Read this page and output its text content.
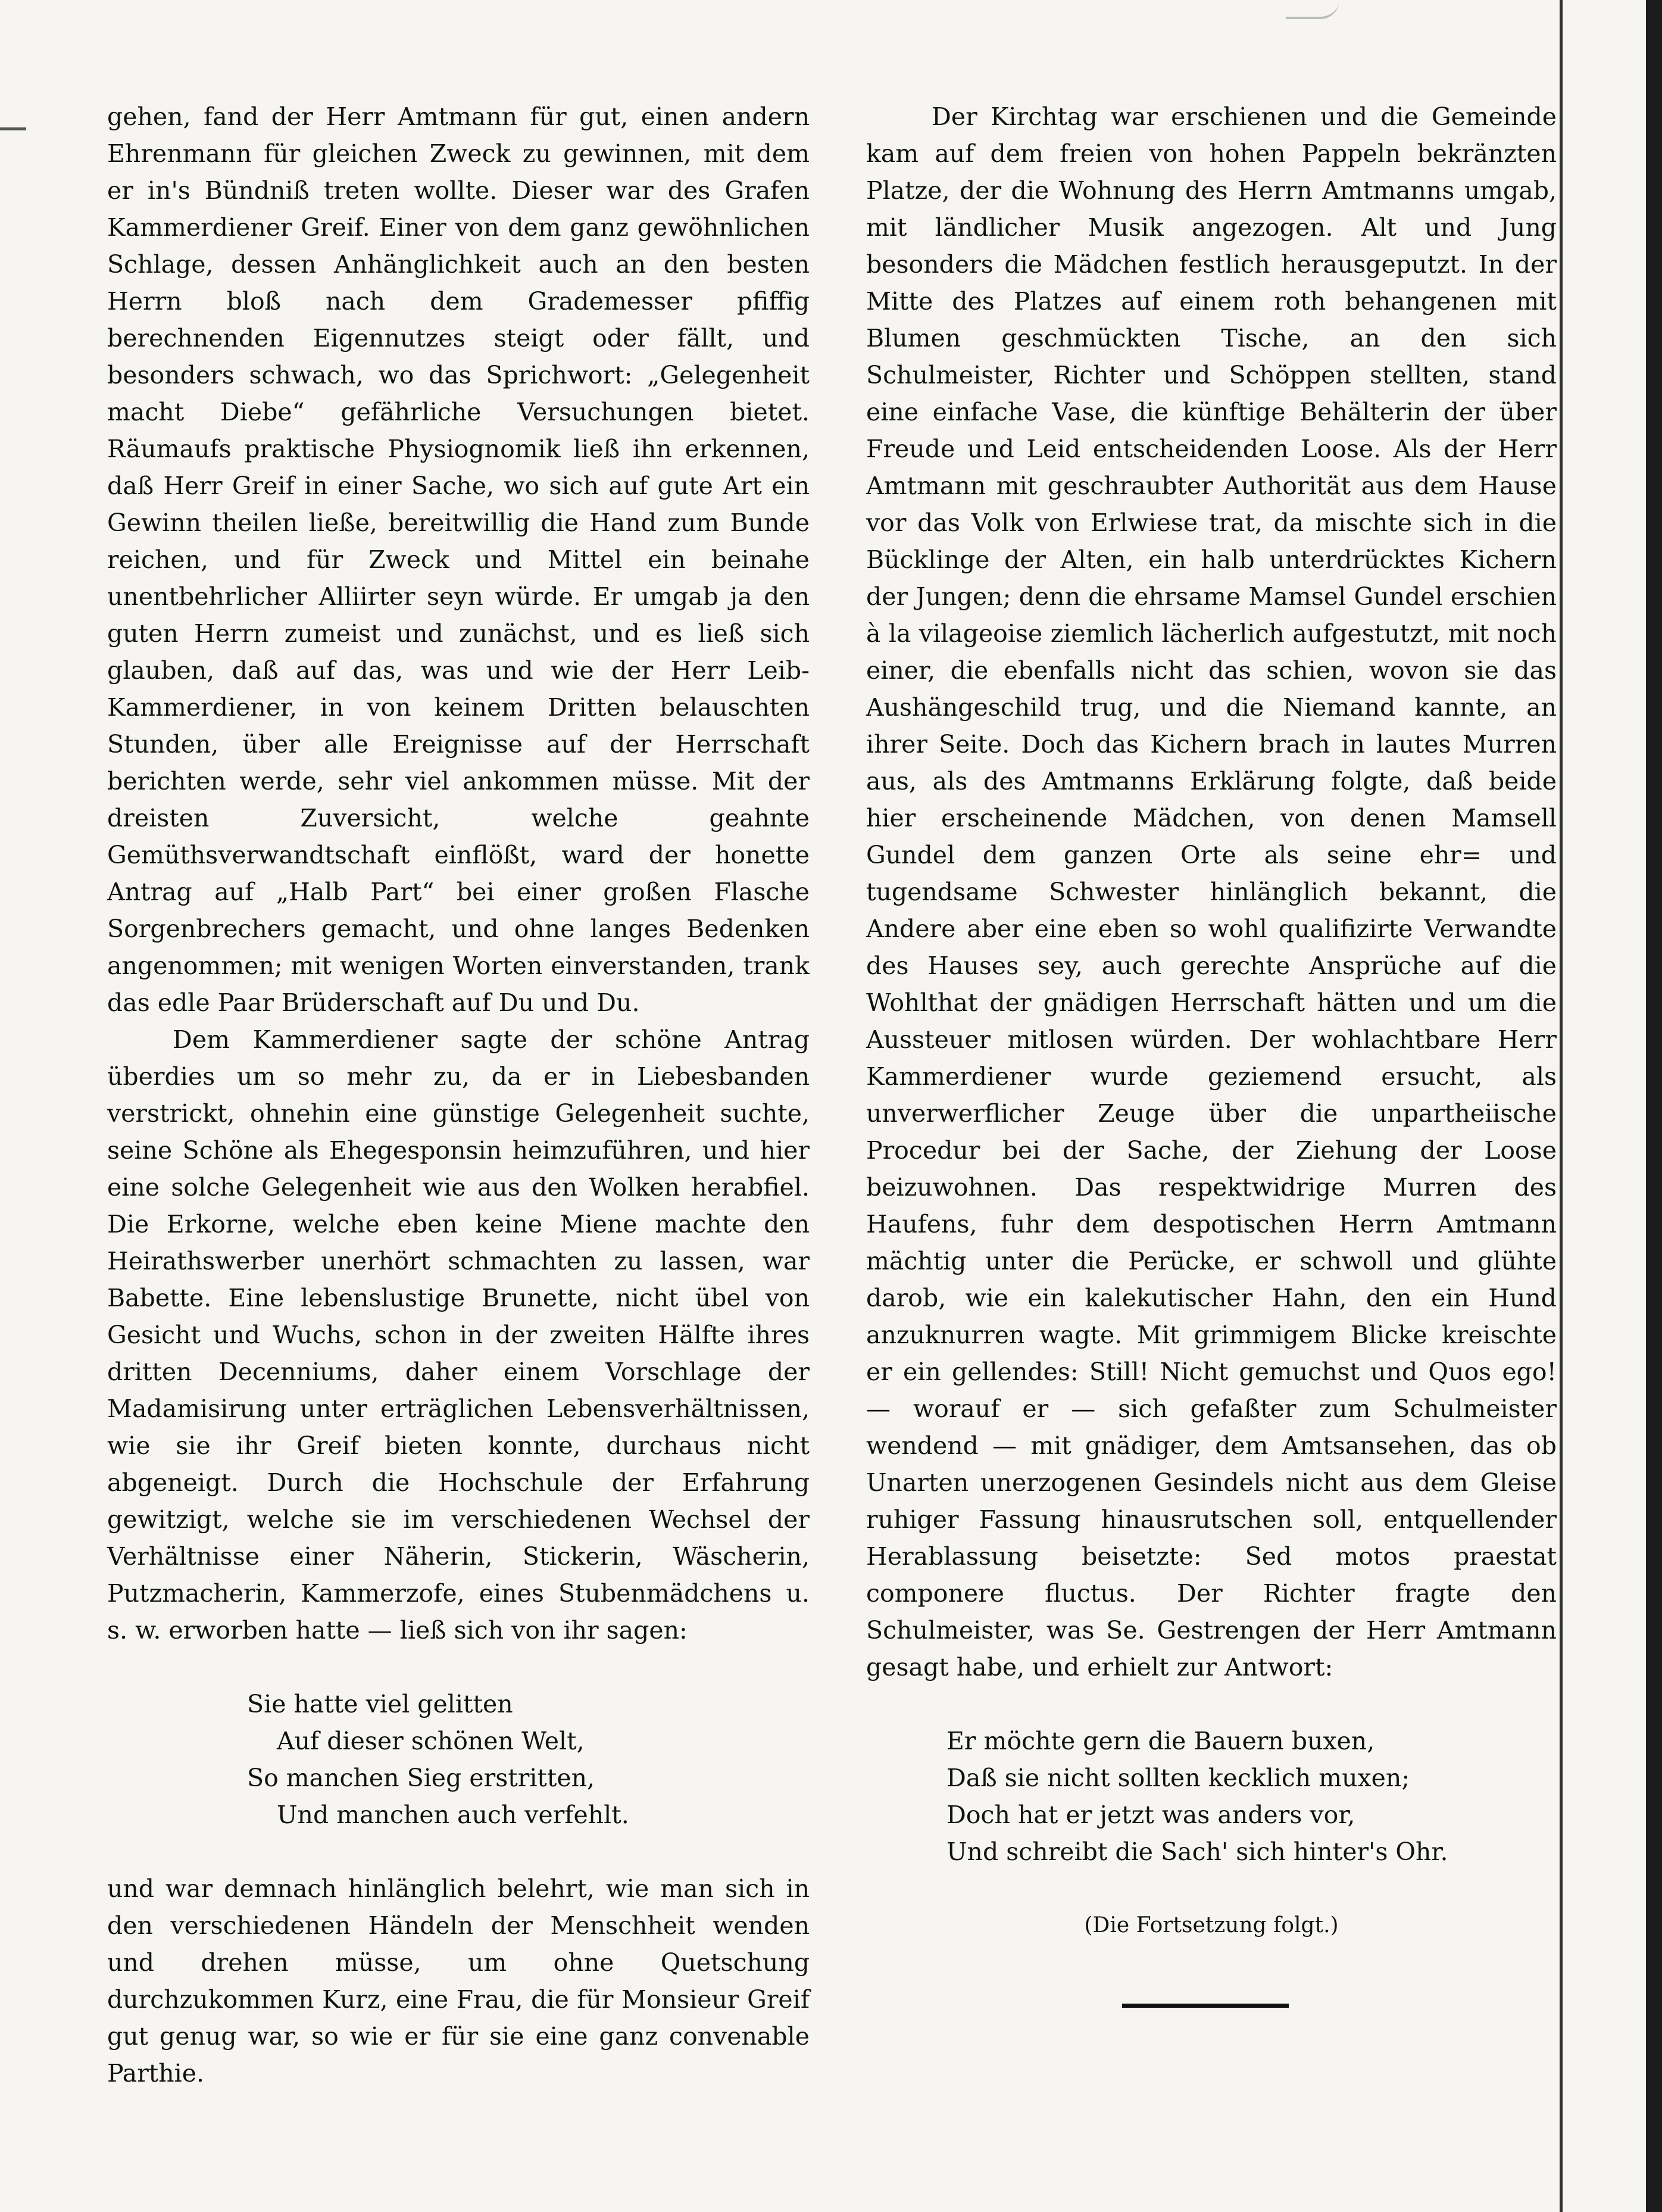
gehen, fand der Herr Amtmann für gut, einen andern Ehrenmann für gleichen Zweck zu gewinnen, mit dem er in's Bündniß treten wollte. Dieser war des Grafen Kammerdiener Greif. Einer von dem ganz gewöhnlichen Schlage, dessen Anhänglichkeit auch an den besten Herrn bloß nach dem Grademesser pfiffig berechnenden Eigennutzes steigt oder fällt, und besonders schwach, wo das Sprichwort: „Gelegenheit macht Diebe“ gefährliche Versuchungen bietet. Räumaufs praktische Physiognomik ließ ihn erkennen, daß Herr Greif in einer Sache, wo sich auf gute Art ein Gewinn theilen ließe, bereitwillig die Hand zum Bunde reichen, und für Zweck und Mittel ein beinahe unentbehrlicher Alliirter seyn würde. Er umgab ja den guten Herrn zumeist und zunächst, und es ließ sich glauben, daß auf das, was und wie der Herr Leib-Kammerdiener, in von keinem Dritten belauschten Stunden, über alle Ereignisse auf der Herrschaft berichten werde, sehr viel ankommen müsse. Mit der dreisten Zuversicht, welche geahnte Gemüthsverwandtschaft einflößt, ward der honette Antrag auf „Halb Part“ bei einer großen Flasche Sorgenbrechers gemacht, und ohne langes Bedenken angenommen; mit wenigen Worten einverstanden, trank das edle Paar Brüderschaft auf Du und Du.

Dem Kammerdiener sagte der schöne Antrag überdies um so mehr zu, da er in Liebesbanden verstrickt, ohnehin eine günstige Gelegenheit suchte, seine Schöne als Ehegesponsin heimzuführen, und hier eine solche Gelegenheit wie aus den Wolken herabfiel. Die Erkorne, welche eben keine Miene machte den Heirathswerber unerhört schmachten zu lassen, war Babette. Eine lebenslustige Brunette, nicht übel von Gesicht und Wuchs, schon in der zweiten Hälfte ihres dritten Decenniums, daher einem Vorschlage der Madamisirung unter erträglichen Lebensverhältnissen, wie sie ihr Greif bieten konnte, durchaus nicht abgeneigt. Durch die Hochschule der Erfahrung gewitzigt, welche sie im verschiedenen Wechsel der Verhältnisse einer Näherin, Stickerin, Wäscherin, Putzmacherin, Kammerzofe, eines Stubenmädchens u. s. w. erworben hatte — ließ sich von ihr sagen:

Sie hatte viel gelitten
Auf dieser schönen Welt,
So manchen Sieg erstritten,
Und manchen auch verfehlt.

und war demnach hinlänglich belehrt, wie man sich in den verschiedenen Händeln der Menschheit wenden und drehen müsse, um ohne Quetschung durchzukommen Kurz, eine Frau, die für Monsieur Greif gut genug war, so wie er für sie eine ganz convenable Parthie.

Der Kirchtag war erschienen und die Gemeinde kam auf dem freien von hohen Pappeln bekränzten Platze, der die Wohnung des Herrn Amtmanns umgab, mit ländlicher Musik angezogen. Alt und Jung besonders die Mädchen festlich herausgeputzt. In der Mitte des Platzes auf einem roth behangenen mit Blumen geschmückten Tische, an den sich Schulmeister, Richter und Schöppen stellten, stand eine einfache Vase, die künftige Behälterin der über Freude und Leid entscheidenden Loose. Als der Herr Amtmann mit geschraubter Authorität aus dem Hause vor das Volk von Erlwiese trat, da mischte sich in die Bücklinge der Alten, ein halb unterdrücktes Kichern der Jungen; denn die ehrsame Mamsel Gundel erschien à la vilageoise ziemlich lächerlich aufgestutzt, mit noch einer, die ebenfalls nicht das schien, wovon sie das Aushängeschild trug, und die Niemand kannte, an ihrer Seite. Doch das Kichern brach in lautes Murren aus, als des Amtmanns Erklärung folgte, daß beide hier erscheinende Mädchen, von denen Mamsell Gundel dem ganzen Orte als seine ehr= und tugendsame Schwester hinlänglich bekannt, die Andere aber eine eben so wohl qualifizirte Verwandte des Hauses sey, auch gerechte Ansprüche auf die Wohlthat der gnädigen Herrschaft hätten und um die Aussteuer mitlosen würden. Der wohlachtbare Herr Kammerdiener wurde geziemend ersucht, als unverwerflicher Zeuge über die unpartheiische Procedur bei der Sache, der Ziehung der Loose beizuwohnen. Das respektwidrige Murren des Haufens, fuhr dem despotischen Herrn Amtmann mächtig unter die Perücke, er schwoll und glühte darob, wie ein kalekutischer Hahn, den ein Hund anzuknurren wagte. Mit grimmigem Blicke kreischte er ein gellendes: Still! Nicht gemuchst und Quos ego! — worauf er — sich gefaßter zum Schulmeister wendend — mit gnädiger, dem Amtsansehen, das ob Unarten unerzogenen Gesindels nicht aus dem Gleise ruhiger Fassung hinausrutschen soll, entquellender Herablassung beisetzte: Sed motos praestat componere fluctus. Der Richter fragte den Schulmeister, was Se. Gestrengen der Herr Amtmann gesagt habe, und erhielt zur Antwort:

Er möchte gern die Bauern buxen,
Daß sie nicht sollten kecklich muxen;
Doch hat er jetzt was anders vor,
Und schreibt die Sach' sich hinter's Ohr.
(Die Fortsetzung folgt.)
